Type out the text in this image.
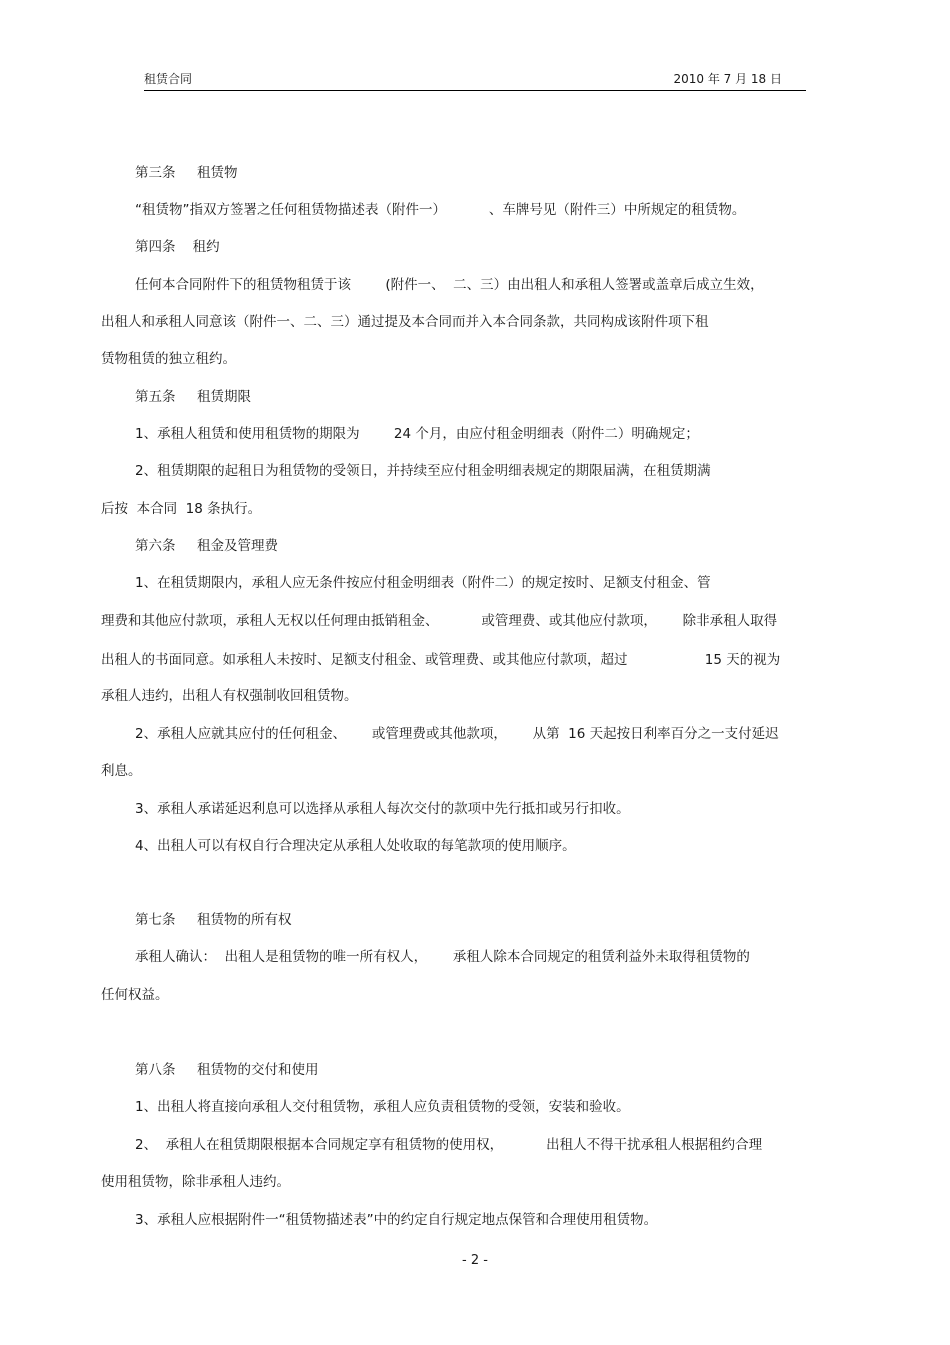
租赁合同	2010 年 7 月 18 日
第三条     租赁物
“租赁物”指双方签署之任何租赁物描述表（附件一）          、车牌号见（附件三）中所规定的租赁物。
第四条    租约
任何本合同附件下的租赁物租赁于该        (附件一、  二、三）由出租人和承租人签署或盖章后成立生效，
出租人和承租人同意该（附件一、二、三）通过提及本合同而并入本合同条款，共同构成该附件项下租
赁物租赁的独立租约。
第五条     租赁期限
1、承租人租赁和使用租赁物的期限为        24 个月，由应付租金明细表（附件二）明确规定；
2、租赁期限的起租日为租赁物的受领日，并持续至应付租金明细表规定的期限届满，在租赁期满
后按  本合同  18 条执行。
第六条     租金及管理费
1、在租赁期限内，承租人应无条件按应付租金明细表（附件二）的规定按时、足额支付租金、管
理费和其他应付款项，承租人无权以任何理由抵销租金、          或管理费、或其他应付款项，      除非承租人取得
出租人的书面同意。如承租人未按时、足额支付租金、或管理费、或其他应付款项，超过                  15 天的视为
承租人违约，出租人有权强制收回租赁物。
2、承租人应就其应付的任何租金、      或管理费或其他款项，      从第  16 天起按日利率百分之一支付延迟
利息。
3、承租人承诺延迟利息可以选择从承租人每次交付的款项中先行抵扣或另行扣收。
4、出租人可以有权自行合理决定从承租人处收取的每笔款项的使用顺序。
第七条     租赁物的所有权
承租人确认：  出租人是租赁物的唯一所有权人，      承租人除本合同规定的租赁利益外未取得租赁物的
任何权益。
第八条     租赁物的交付和使用
1、出租人将直接向承租人交付租赁物，承租人应负责租赁物的受领，安装和验收。
2、  承租人在租赁期限根据本合同规定享有租赁物的使用权，          出租人不得干扰承租人根据租约合理
使用租赁物，除非承租人违约。
3、承租人应根据附件一“租赁物描述表”中的约定自行规定地点保管和合理使用租赁物。
- 2 -
